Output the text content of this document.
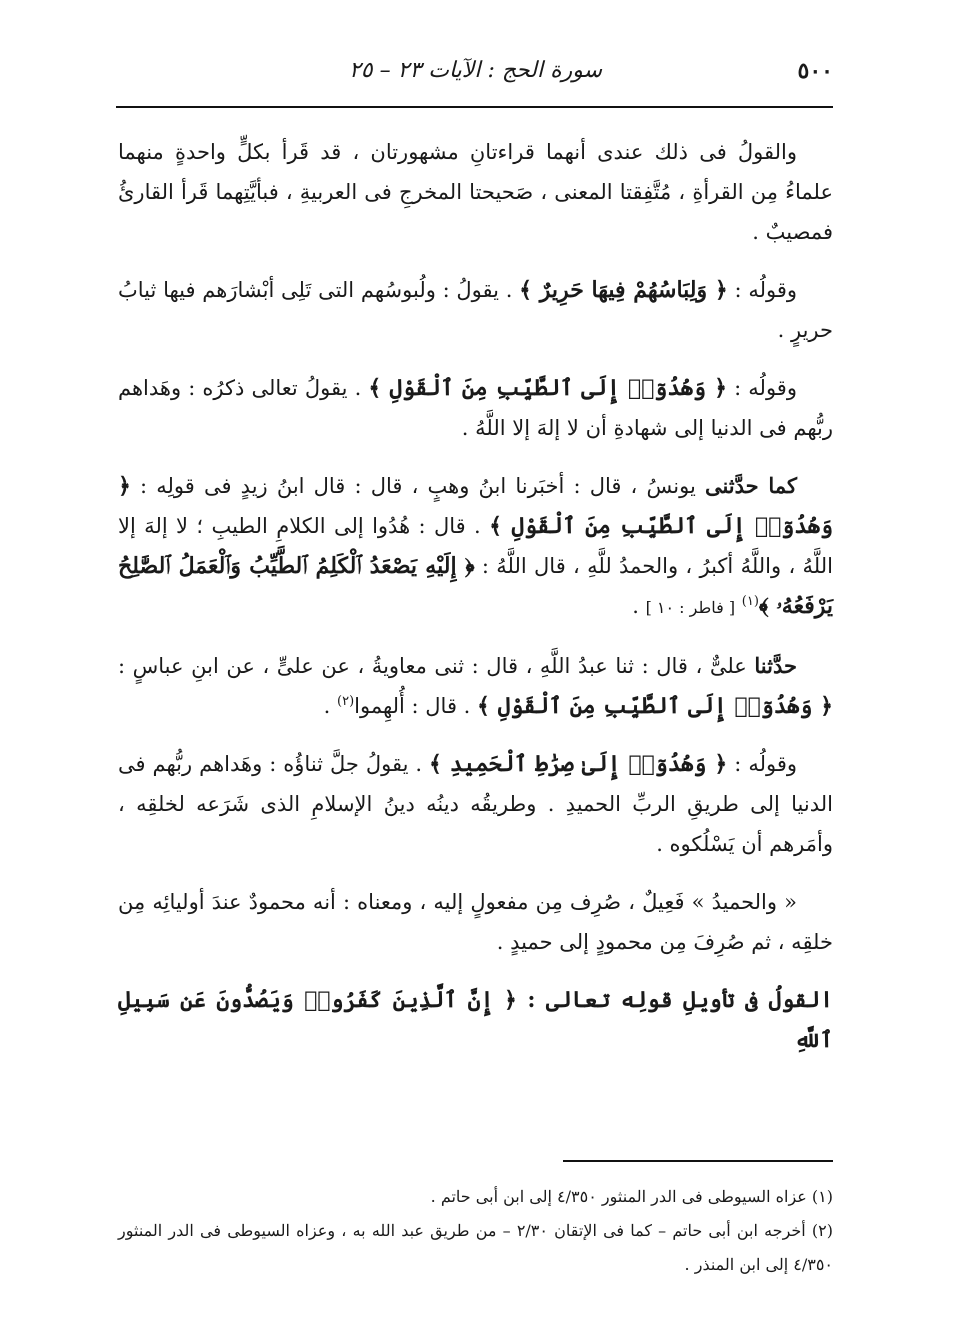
٥٠٠
سورة الحج : الآيات ٢٣ – ٢٥

والقولُ فى ذلك عندى أنهما قراءتانِ مشهورتان ، قد قَرأ بكلٍّ واحدةٍ منهما علماءُ مِن القرأةِ ، مُتَّفِقتا المعنى ، صَحيحتا المخرجِ فى العربيةِ ، فبأيَّتِهما قَرأ القارئُ فمصيبٌ .

وقولُه : ﴿ وَلِبَاسُهُمْ فِيهَا حَرِيرٌ ﴾ . يقولُ : ولُبوسُهم التى تَلِى أبْشارَهم فيها ثيابُ حريرٍ .

وقولُه : ﴿ وَهُدُوٓا۟ إِلَى ٱلطَّيِّبِ مِنَ ٱلْقَوْلِ ﴾ . يقولُ تعالى ذكرُه : وهَداهم ربُّهم فى الدنيا إلى شهادةِ أن لا إلهَ إلا اللَّهُ .

كما حدَّثنى يونسُ ، قال : أخبَرنا ابنُ وهبٍ ، قال : قال ابنُ زيدٍ فى قولِه : ﴿ وَهُدُوٓا۟ إِلَى ٱلطَّيِّبِ مِنَ ٱلْقَوْلِ ﴾ . قال : هُدُوا إلى الكلامِ الطيبِ ؛ لا إلهَ إلا اللَّهُ ، واللَّهُ أكبرُ ، والحمدُ للَّهِ ، قال اللَّهُ : ﴿ إِلَيْهِ يَصْعَدُ ٱلْكَلِمُ ٱلطَّيِّبُ وَٱلْعَمَلُ ٱلصَّٰلِحُ يَرْفَعُهُۥ ﴾$^{(١)}$ [ فاطر : ١٠ ] .

حدَّثنا علىٌّ ، قال : ثنا عبدُ اللَّهِ ، قال : ثنى معاويةُ ، عن علىٍّ ، عن ابنِ عباسٍ : ﴿ وَهُدُوٓا۟ إِلَى ٱلطَّيِّبِ مِنَ ٱلْقَوْلِ ﴾ . قال : أُلهِموا$^{(٢)}$ .

وقولُه : ﴿ وَهُدُوٓا۟ إِلَىٰ صِرَٰطِ ٱلْحَمِيدِ ﴾ . يقولُ جلَّ ثناؤُه : وهَداهم ربُّهم فى الدنيا إلى طريقِ الربِّ الحميدِ . وطريقُه دينُه دينُ الإسلامِ الذى شَرَعه لخلقِه ، وأمَرهم أن يَسْلُكوه .

« والحميدُ » فَعِيلٌ ، صُرِف مِن مفعولٍ إليه ، ومعناه : أنه محمودٌ عندَ أوليائِه مِن خلقِه ، ثم صُرِفَ مِن محمودٍ إلى حميدٍ .

القولُ فى تأويلِ قولِه تعالى : ﴿ إِنَّ ٱلَّذِينَ كَفَرُوا۟ وَيَصُدُّونَ عَن سَبِيلِ ٱللَّهِ

(١) عزاه السيوطى فى الدر المنثور ٤/٣٥٠ إلى ابن أبى حاتم .

(٢) أخرجه ابن أبى حاتم – كما فى الإتقان ٢/٣٠ – من طريق عبد الله به ، وعزاه السيوطى فى الدر المنثور ٤/٣٥٠ إلى ابن المنذر .
